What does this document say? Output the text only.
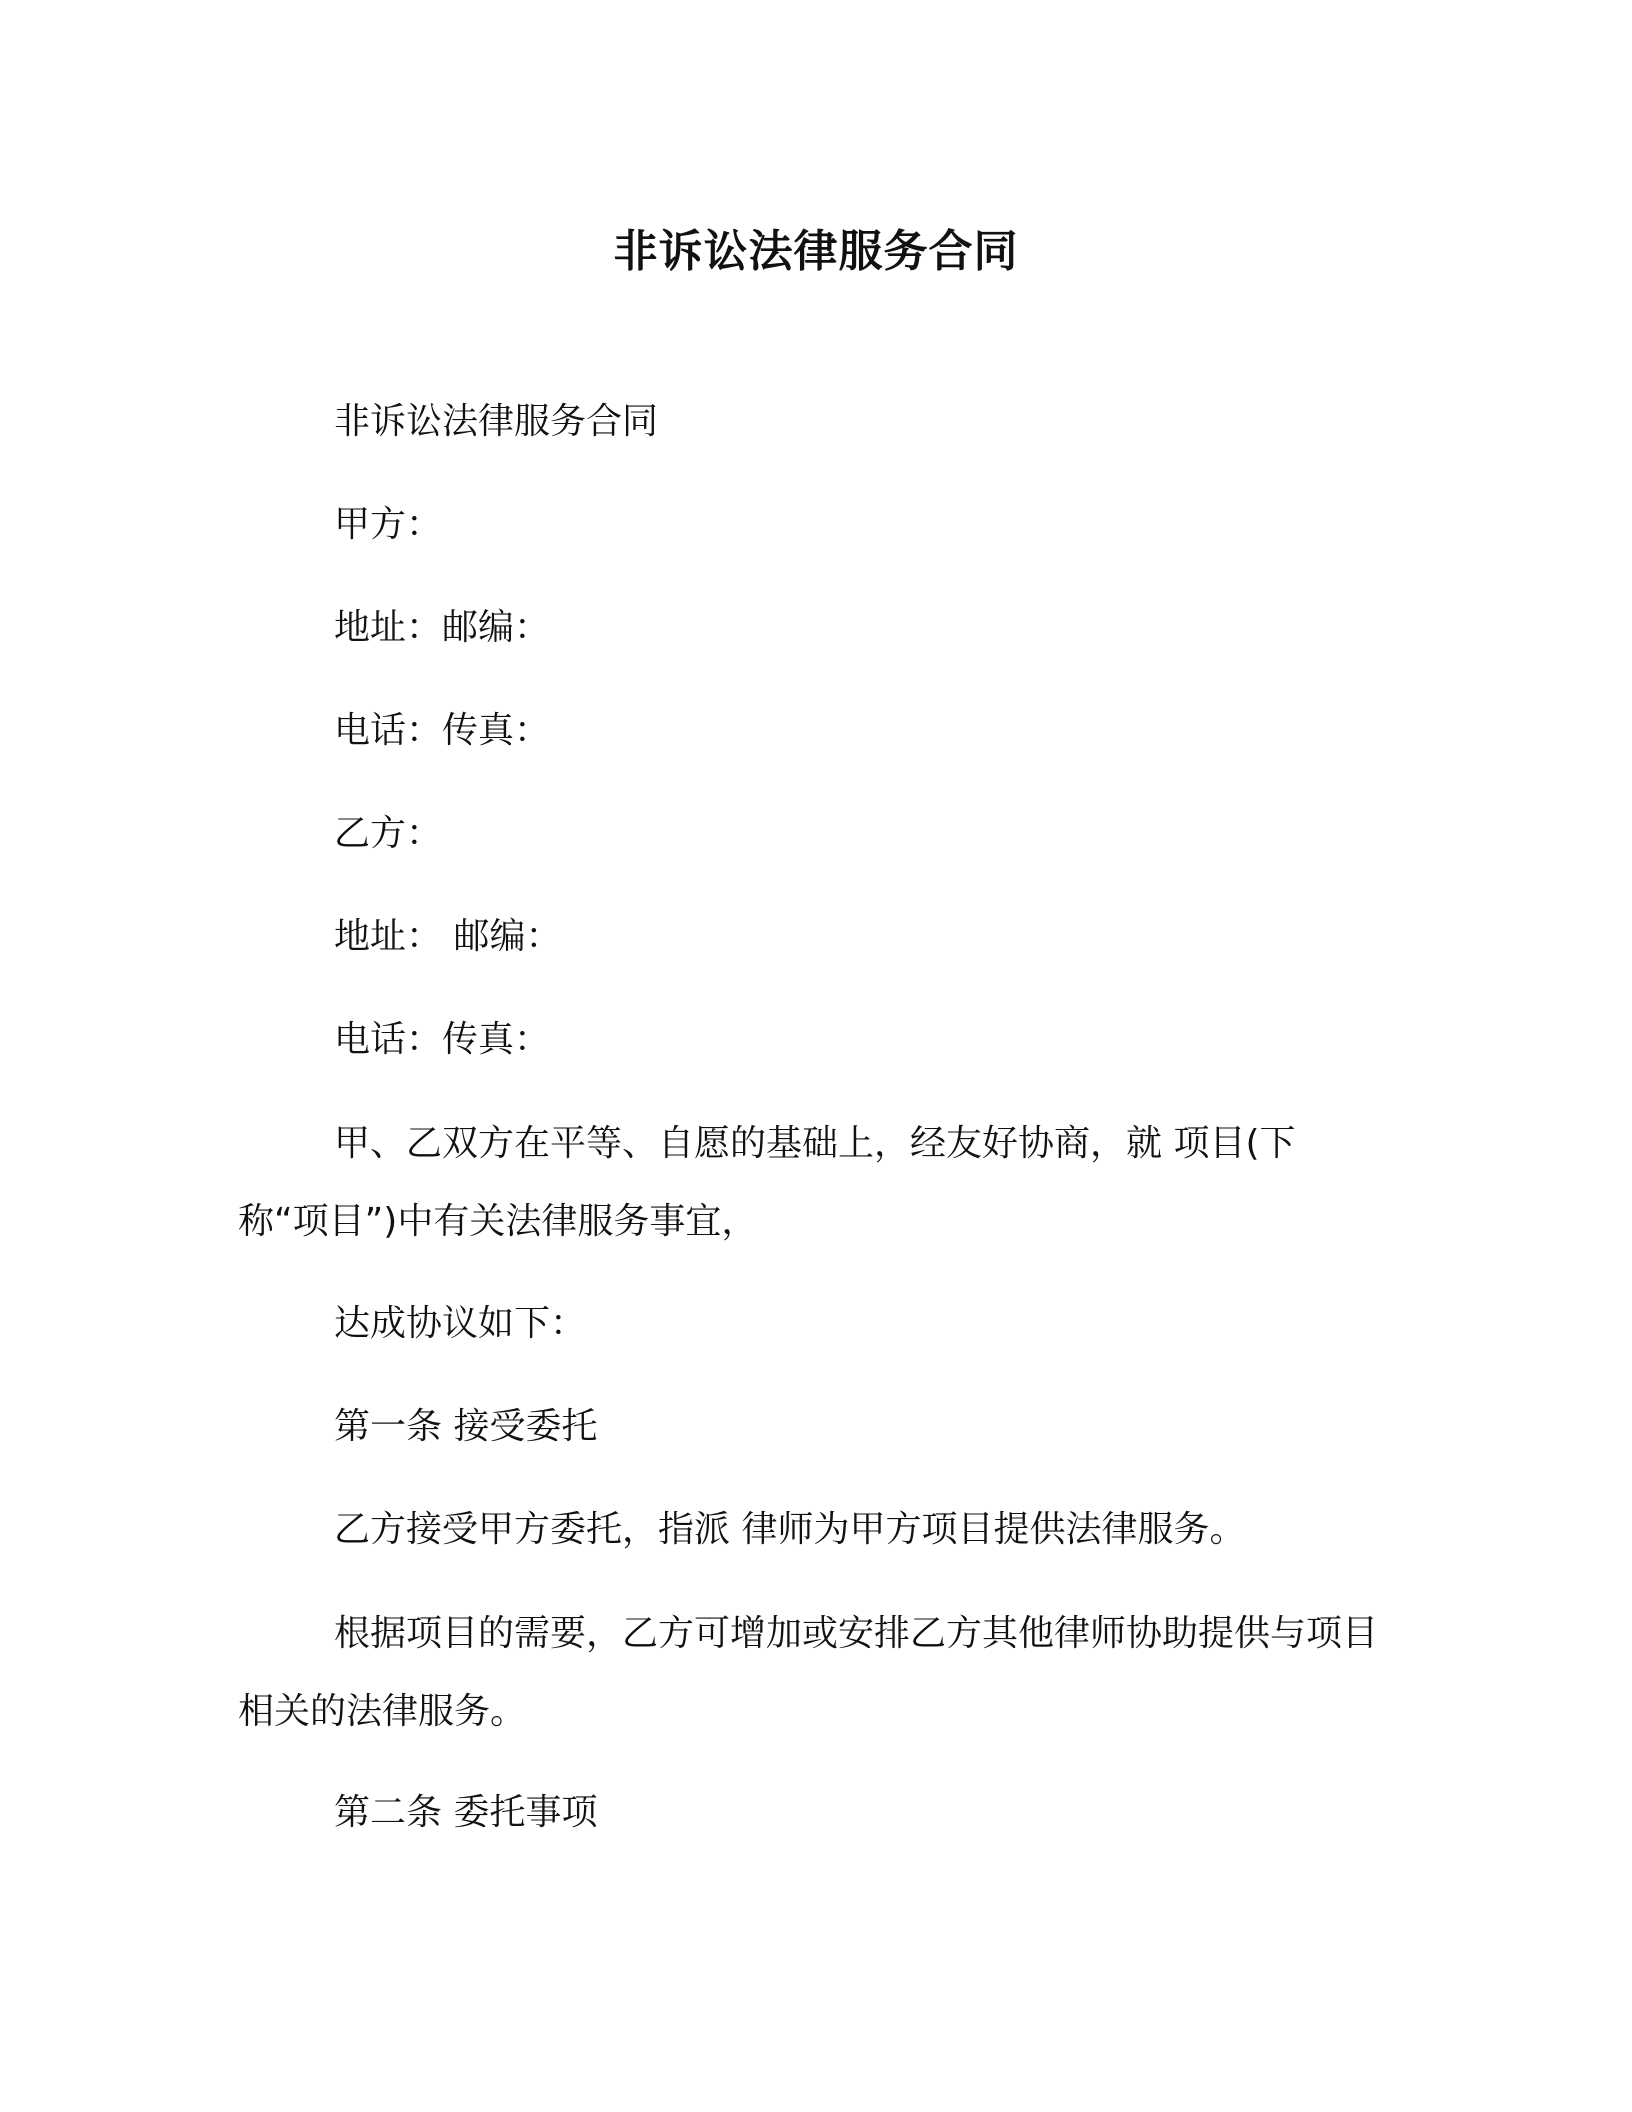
非诉讼法律服务合同
非诉讼法律服务合同
甲方：
地址：邮编：
电话：传真：
乙方：
地址： 邮编：
电话：传真：

甲、乙双方在平等、自愿的基础上，经友好协商，就 项目(下称“项目”)中有关法律服务事宜，

达成协议如下：
第一条 接受委托
乙方接受甲方委托，指派 律师为甲方项目提供法律服务。

根据项目的需要，乙方可增加或安排乙方其他律师协助提供与项目相关的法律服务。

第二条 委托事项
